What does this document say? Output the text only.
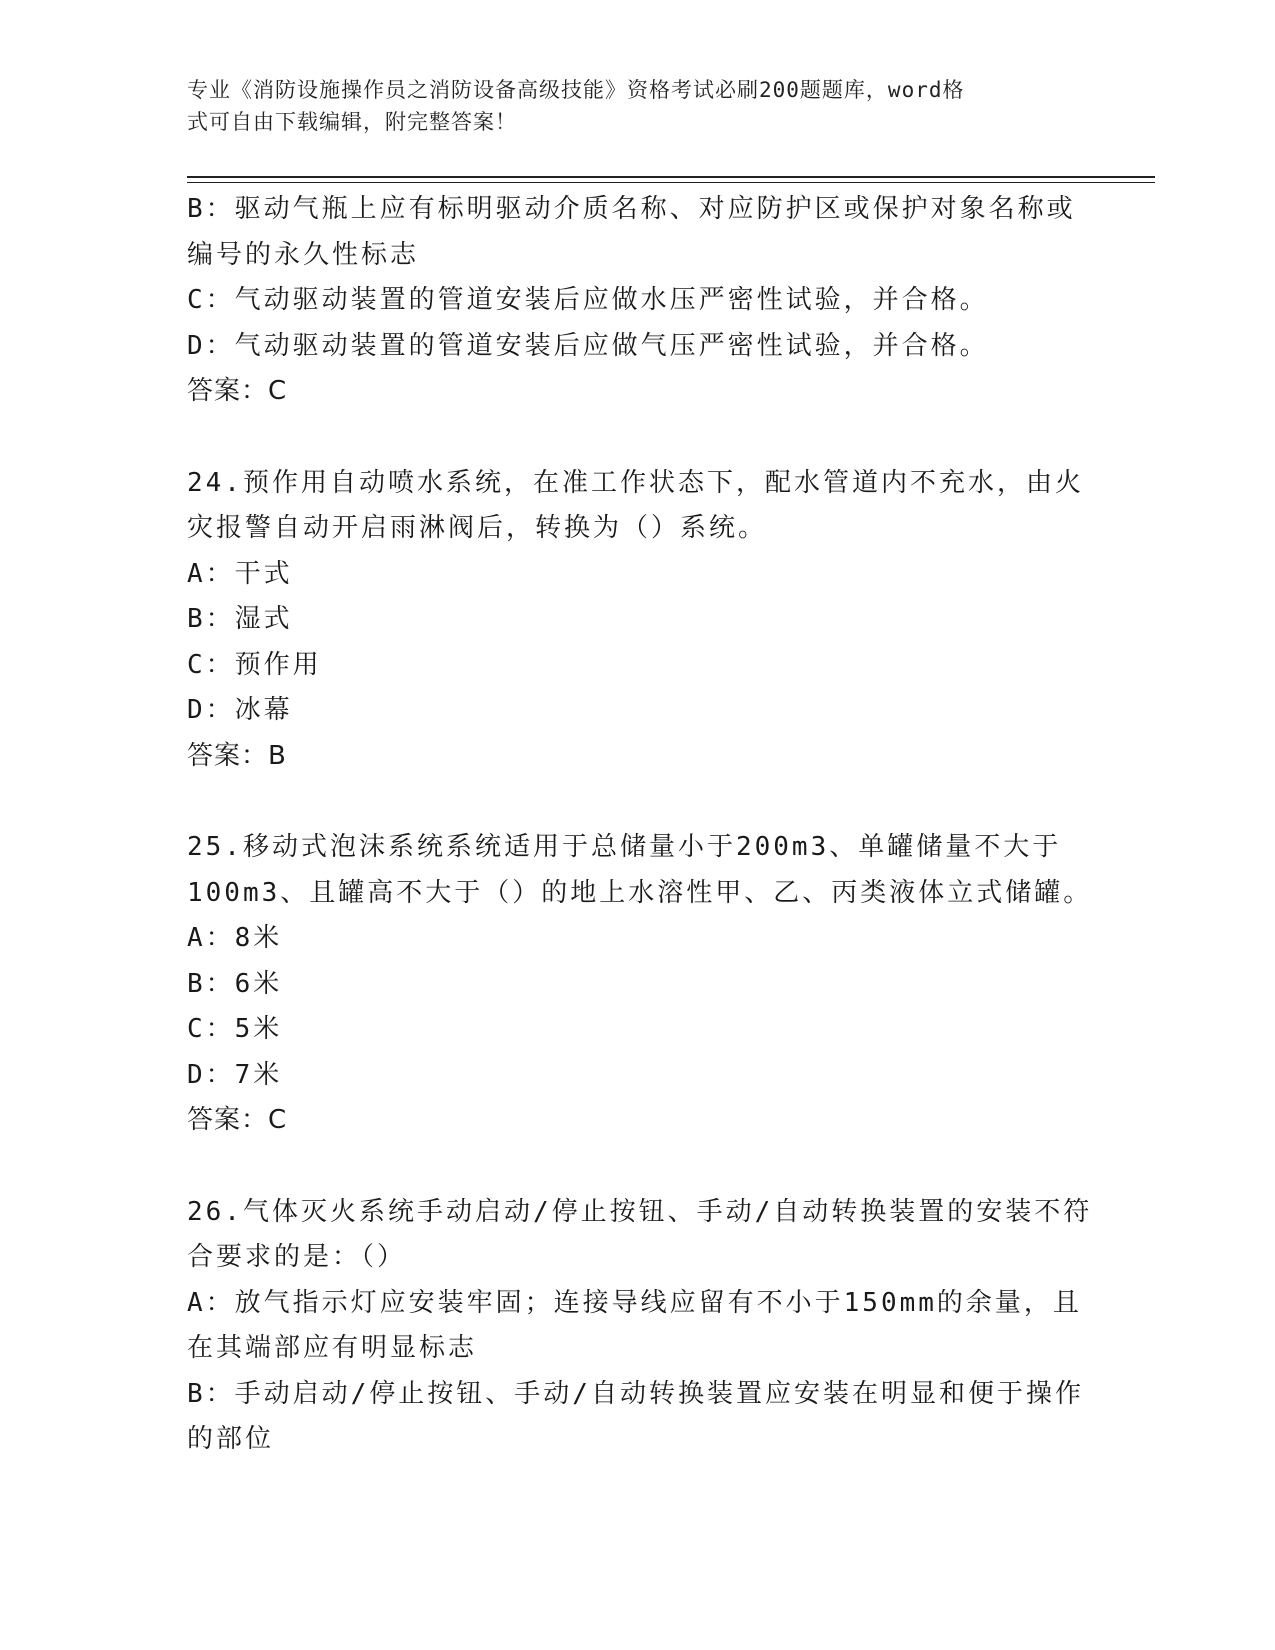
专业《消防设施操作员之消防设备高级技能》资格考试必刷200题题库，word格
式可自由下载编辑，附完整答案！
B：驱动气瓶上应有标明驱动介质名称、对应防护区或保护对象名称或
编号的永久性标志
C：气动驱动装置的管道安装后应做水压严密性试验，并合格。
D：气动驱动装置的管道安装后应做气压严密性试验，并合格。
答案：C
24.预作用自动喷水系统，在准工作状态下，配水管道内不充水，由火
灾报警自动开启雨淋阀后，转换为（）系统。
A：干式
B：湿式
C：预作用
D：冰幕
答案：B
25.移动式泡沫系统系统适用于总储量小于200m3、单罐储量不大于
100m3、且罐高不大于（）的地上水溶性甲、乙、丙类液体立式储罐。
A：8米
B：6米
C：5米
D：7米
答案：C
26.气体灭火系统手动启动/停止按钮、手动/自动转换装置的安装不符
合要求的是：（）
A：放气指示灯应安装牢固；连接导线应留有不小于150mm的余量，且
在其端部应有明显标志
B：手动启动/停止按钮、手动/自动转换装置应安装在明显和便于操作
的部位
